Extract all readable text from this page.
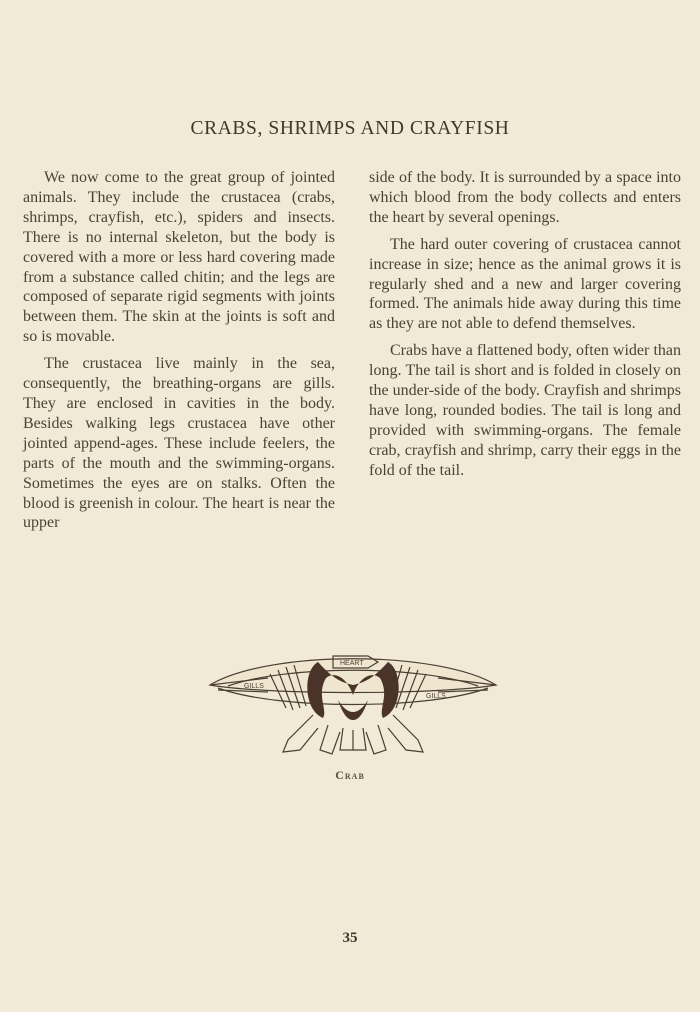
CRABS, SHRIMPS AND CRAYFISH

We now come to the great group of jointed animals. They include the crustacea (crabs, shrimps, crayfish, etc.), spiders and insects. There is no internal skeleton, but the body is covered with a more or less hard covering made from a substance called chitin; and the legs are composed of separate rigid segments with joints between them. The skin at the joints is soft and so is movable.

The crustacea live mainly in the sea, consequently, the breathing-organs are gills. They are enclosed in cavities in the body. Besides walking legs crustacea have other jointed append-ages. These include feelers, the parts of the mouth and the swimming-organs. Sometimes the eyes are on stalks. Often the blood is greenish in colour. The heart is near the upper

side of the body. It is surrounded by a space into which blood from the body collects and enters the heart by several openings.

The hard outer covering of crustacea cannot increase in size; hence as the animal grows it is regularly shed and a new and larger covering formed. The animals hide away during this time as they are not able to defend themselves.

Crabs have a flattened body, often wider than long. The tail is short and is folded in closely on the under-side of the body. Crayfish and shrimps have long, rounded bodies. The tail is long and provided with swimming-organs. The female crab, crayfish and shrimp, carry their eggs in the fold of the tail.

HEART
GILLS
GILLS
Crab
35
